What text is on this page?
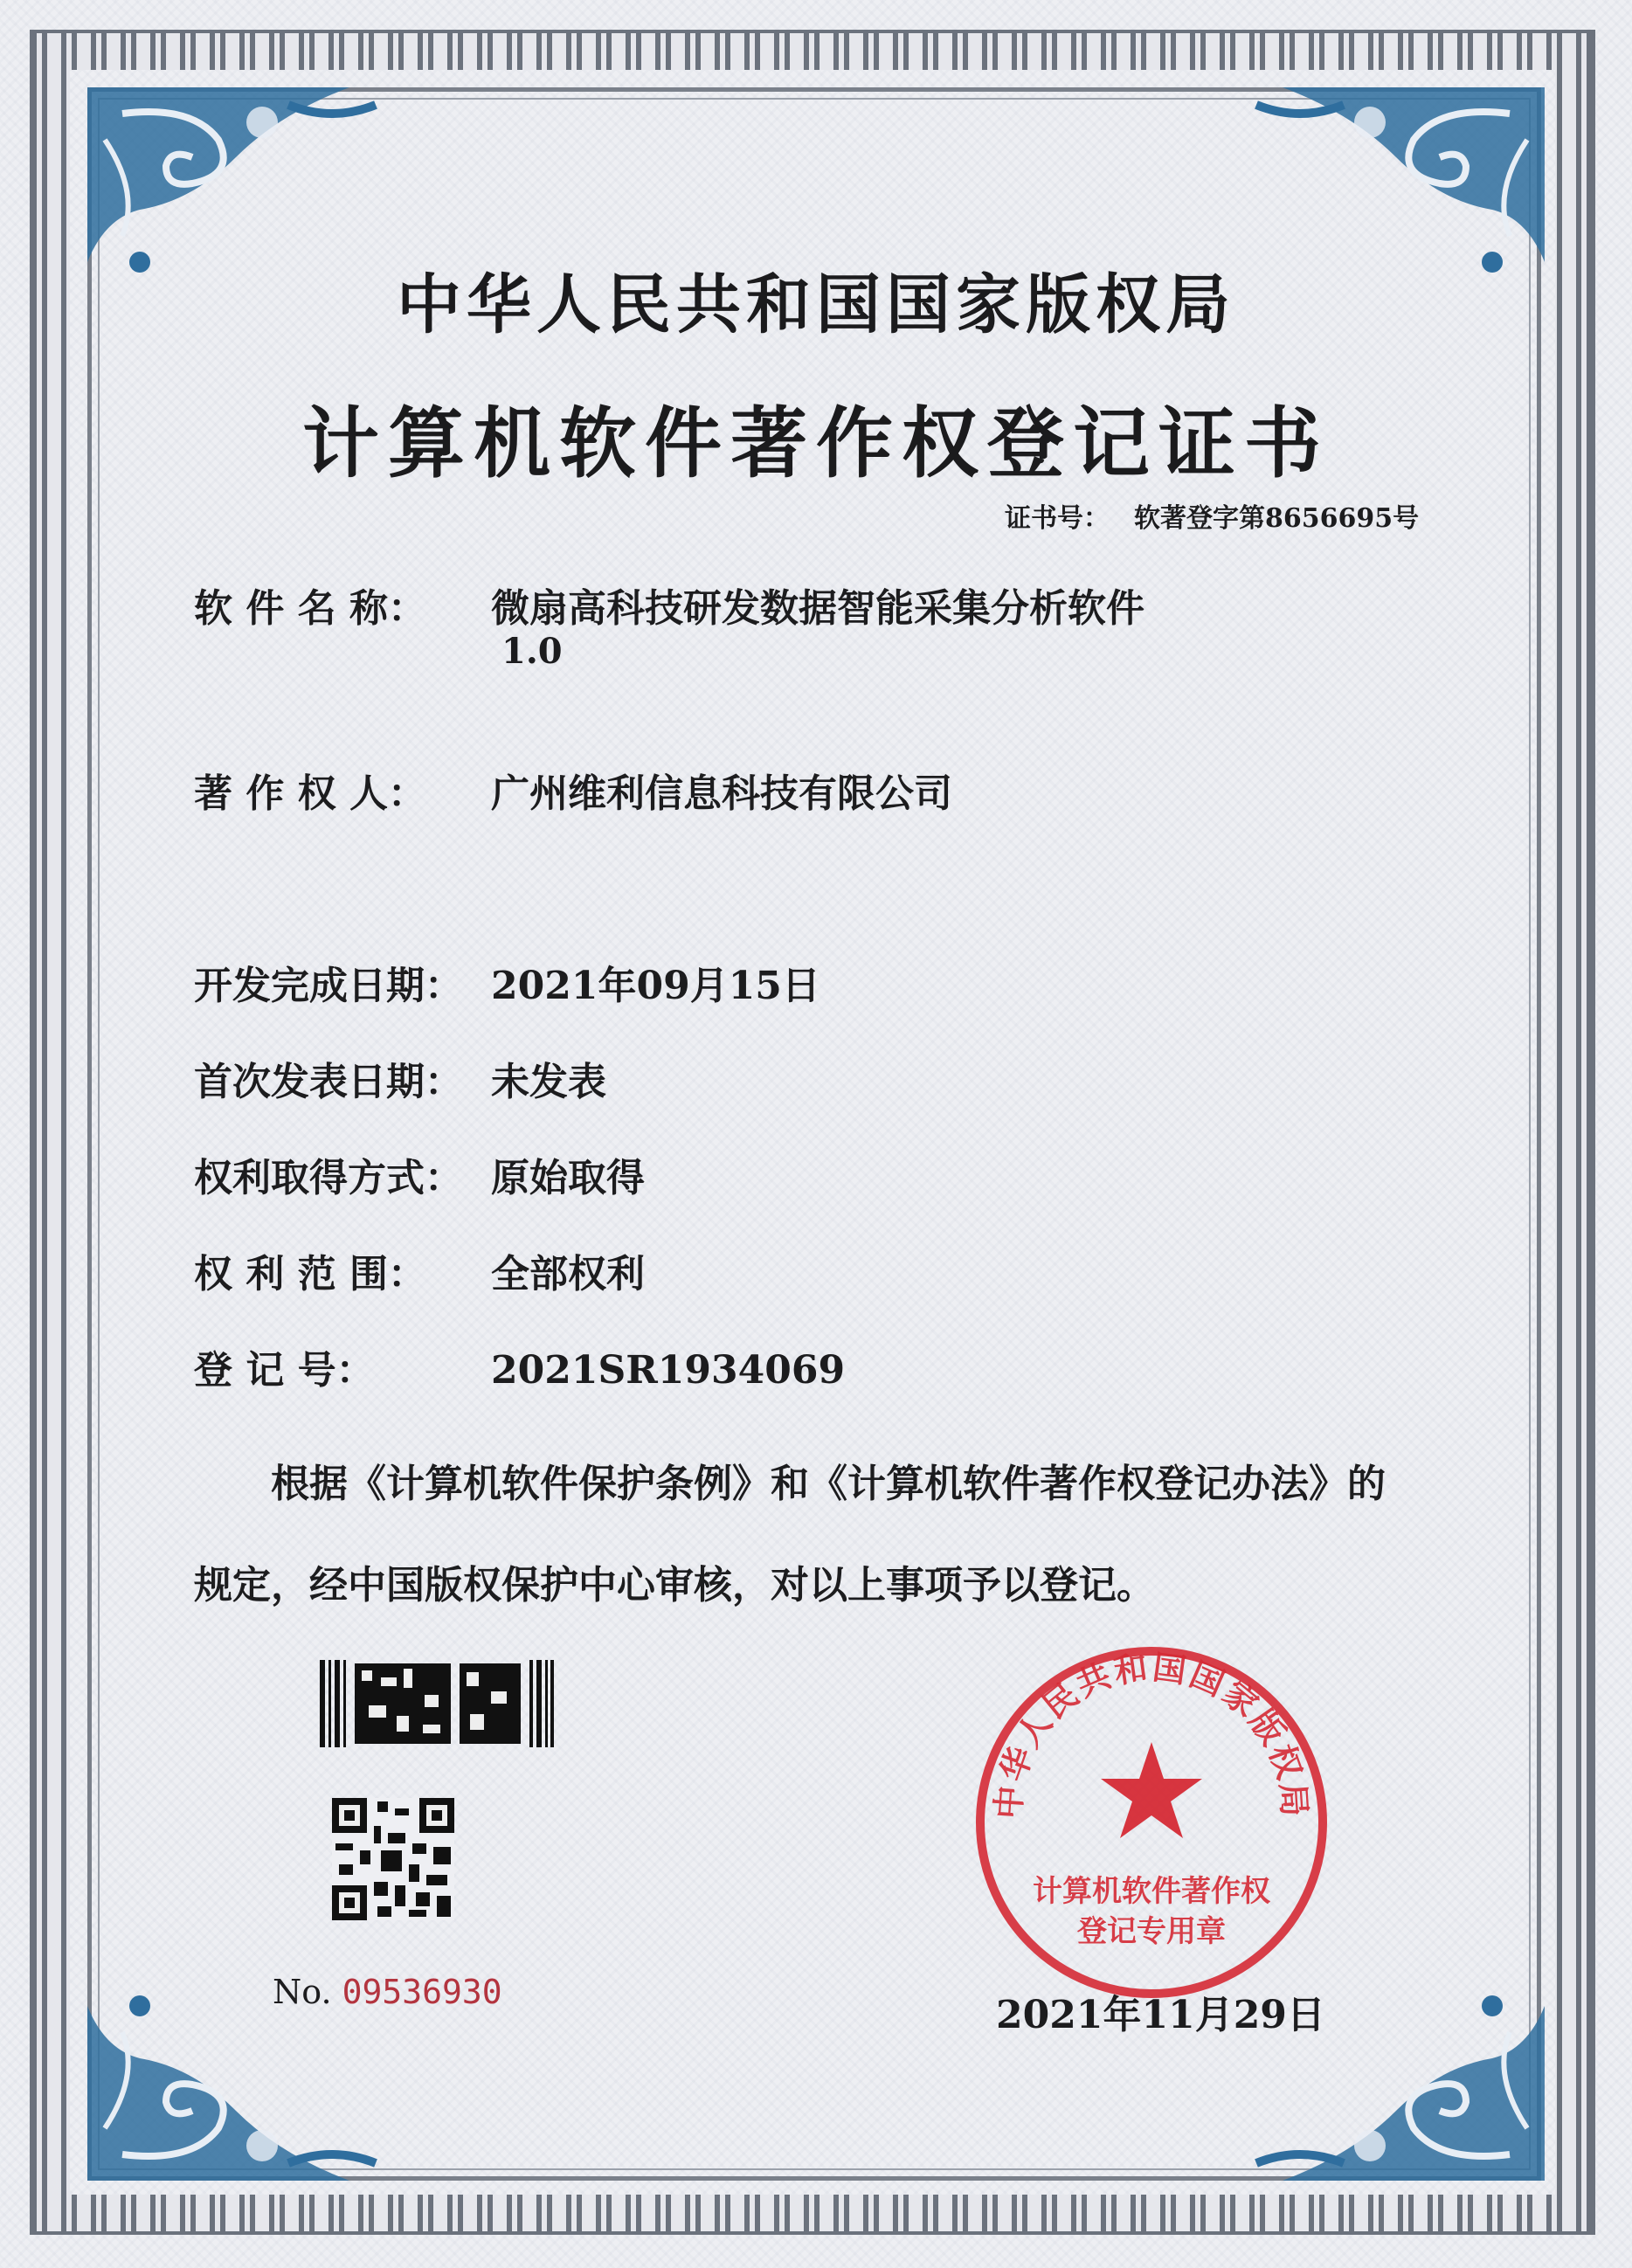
中华人民共和国国家版权局
计算机软件著作权登记证书
证书号： 软著登字第8656695号
软 件 名 称： 微扇高科技研发数据智能采集分析软件
1.0
著 作 权 人： 广州维利信息科技有限公司
开发完成日期： 2021年09月15日
首次发表日期： 未发表
权利取得方式： 原始取得
权 利 范 围： 全部权利
登 记 号：	2021SR1934069
根据《计算机软件保护条例》和《计算机软件著作权登记办法》的
规定，经中国版权保护中心审核，对以上事项予以登记。
No. 09536930
中华人民共和国国家版权局
计算机软件著作权
登记专用章
2021年11月29日
